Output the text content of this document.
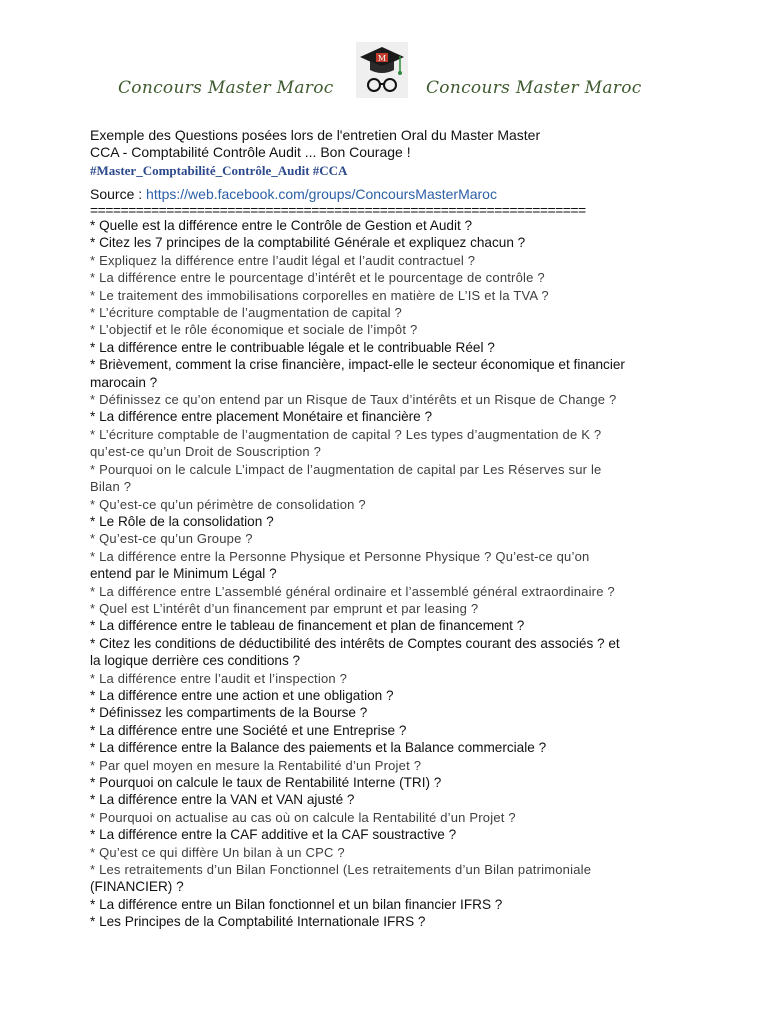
Concours Master Maroc
M
Concours Master Maroc
Exemple des Questions posées lors de l'entretien Oral du Master Master
CCA - Comptabilité Contrôle Audit ... Bon Courage !
#Master_Comptabilité_Contrôle_Audit #CCA
Source : https://web.facebook.com/groups/ConcoursMasterMaroc
=================================================================
* Quelle est la différence entre le Contrôle de Gestion et Audit ?
* Citez les 7 principes de la comptabilité Générale et expliquez chacun ?
* Expliquez la différence entre l’audit légal et l’audit contractuel ?
* La différence entre le pourcentage d’intérêt et le pourcentage de contrôle ?
* Le traitement des immobilisations corporelles en matière de L’IS et la TVA ?
* L’écriture comptable de l’augmentation de capital ?
* L’objectif et le rôle économique et sociale de l’impôt ?
* La différence entre le contribuable légale et le contribuable Réel ?
* Brièvement, comment la crise financière, impact-elle le secteur économique et financier
marocain ?
* Définissez ce qu’on entend par un Risque de Taux d’intérêts et un Risque de Change ?
* La différence entre placement Monétaire et financière ?
* L’écriture comptable de l’augmentation de capital ? Les types d’augmentation de K ?
qu’est-ce qu’un Droit de Souscription ?
* Pourquoi on le calcule L’impact de l’augmentation de capital par Les Réserves sur le
Bilan ?
* Qu’est-ce qu’un périmètre de consolidation ?
* Le Rôle de la consolidation ?
* Qu’est-ce qu’un Groupe ?
* La différence entre la Personne Physique et Personne Physique ? Qu’est-ce qu’on
entend par le Minimum Légal ?
* La différence entre L’assemblé général ordinaire et l’assemblé général extraordinaire ?
* Quel est L’intérêt d’un financement par emprunt et par leasing ?
* La différence entre le tableau de financement et plan de financement ?
* Citez les conditions de déductibilité des intérêts de Comptes courant des associés ? et
la logique derrière ces conditions ?
* La différence entre l’audit et l’inspection ?
* La différence entre une action et une obligation ?
* Définissez les compartiments de la Bourse ?
* La différence entre une Société et une Entreprise ?
* La différence entre la Balance des paiements et la Balance commerciale ?
* Par quel moyen en mesure la Rentabilité d’un Projet ?
* Pourquoi on calcule le taux de Rentabilité Interne (TRI) ?
* La différence entre la VAN et VAN ajusté ?
* Pourquoi on actualise au cas où on calcule la Rentabilité d’un Projet ?
* La différence entre la CAF additive et la CAF soustractive ?
* Qu’est ce qui diffère Un bilan à un CPC ?
* Les retraitements d’un Bilan Fonctionnel (Les retraitements d’un Bilan patrimoniale
(FINANCIER) ?
* La différence entre un Bilan fonctionnel et un bilan financier IFRS ?
* Les Principes de la Comptabilité Internationale IFRS ?
